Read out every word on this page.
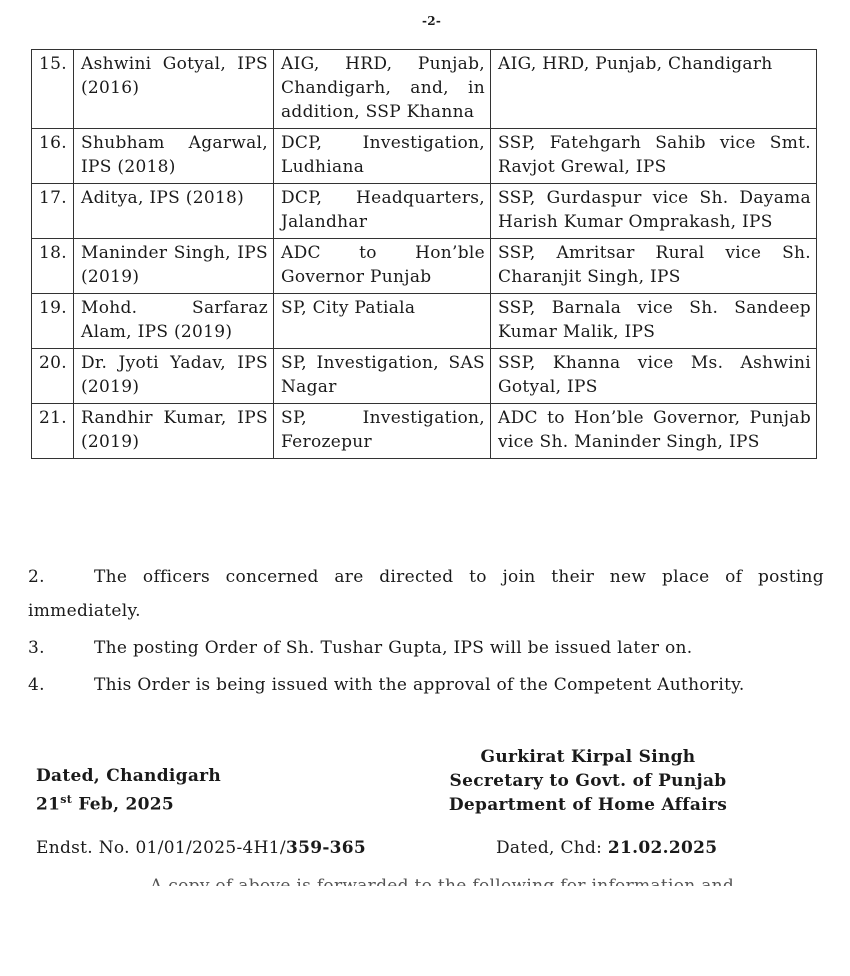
-2-
15.	Ashwini Gotyal, IPS (2016)	AIG, HRD, Punjab, Chandigarh, and, in addition, SSP Khanna	AIG, HRD, Punjab, Chandigarh
16.	Shubham Agarwal, IPS (2018)	DCP, Investigation, Ludhiana	SSP, Fatehgarh Sahib vice Smt. Ravjot Grewal, IPS
17.	Aditya, IPS (2018)	DCP, Headquarters, Jalandhar	SSP, Gurdaspur vice Sh. Dayama Harish Kumar Omprakash, IPS
18.	Maninder Singh, IPS (2019)	ADC to Hon’ble Governor Punjab	SSP, Amritsar Rural vice Sh. Charanjit Singh, IPS
19.	Mohd. Sarfaraz Alam, IPS (2019)	SP, City Patiala	SSP, Barnala vice Sh. Sandeep Kumar Malik, IPS
20.	Dr. Jyoti Yadav, IPS (2019)	SP, Investigation, SAS Nagar	SSP, Khanna vice Ms. Ashwini Gotyal, IPS
21.	Randhir Kumar, IPS (2019)	SP, Investigation, Ferozepur	ADC to Hon’ble Governor, Punjab vice Sh. Maninder Singh, IPS
2.	The officers concerned are directed to join their new place of posting immediately.
3.	The posting Order of Sh. Tushar Gupta, IPS will be issued later on.
4.	This Order is being issued with the approval of the Competent Authority.
Dated, Chandigarh
21st Feb, 2025
Gurkirat Kirpal Singh
Secretary to Govt. of Punjab
Department of Home Affairs
Endst. No. 01/01/2025-4H1/359-365	Dated, Chd: 21.02.2025
